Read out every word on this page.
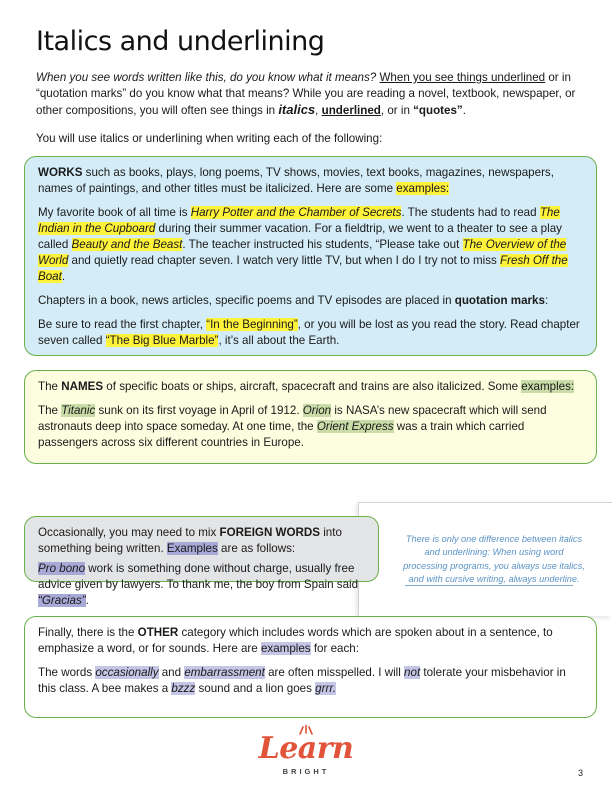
Italics and underlining

When you see words written like this, do you know what it means? When you see things underlined or in “quotation marks” do you know what that means? While you are reading a novel, textbook, newspaper, or other compositions, you will often see things in italics, underlined, or in “quotes”.

You will use italics or underlining when writing each of the following:

WORKS such as books, plays, long poems, TV shows, movies, text books, magazines, newspapers, names of paintings, and other titles must be italicized. Here are some examples:

My favorite book of all time is Harry Potter and the Chamber of Secrets. The students had to read The Indian in the Cupboard during their summer vacation. For a fieldtrip, we went to a theater to see a play called Beauty and the Beast. The teacher instructed his students, “Please take out The Overview of the World and quietly read chapter seven. I watch very little TV, but when I do I try not to miss Fresh Off the Boat.

Chapters in a book, news articles, specific poems and TV episodes are placed in quotation marks:

Be sure to read the first chapter, “In the Beginning”, or you will be lost as you read the story. Read chapter seven called “The Big Blue Marble”, it’s all about the Earth.

The NAMES of specific boats or ships, aircraft, spacecraft and trains are also italicized. Some examples:

The Titanic sunk on its first voyage in April of 1912. Orion is NASA’s new spacecraft which will send astronauts deep into space someday. At one time, the Orient Express was a train which carried passengers across six different countries in Europe.

There is only one difference between italics and underlining: When using word processing programs, you always use italics, and with cursive writing, always underline.

Occasionally, you may need to mix FOREIGN WORDS into something being written. Examples are as follows:

Pro bono work is something done without charge, usually free advice given by lawyers. To thank me, the boy from Spain said “Gracias”.

Finally, there is the OTHER category which includes words which are spoken about in a sentence, to emphasize a word, or for sounds. Here are examples for each:

The words occasionally and embarrassment are often misspelled. I will not tolerate your misbehavior in this class. A bee makes a bzzz sound and a lion goes grrr.

Learn
BRIGHT	3
